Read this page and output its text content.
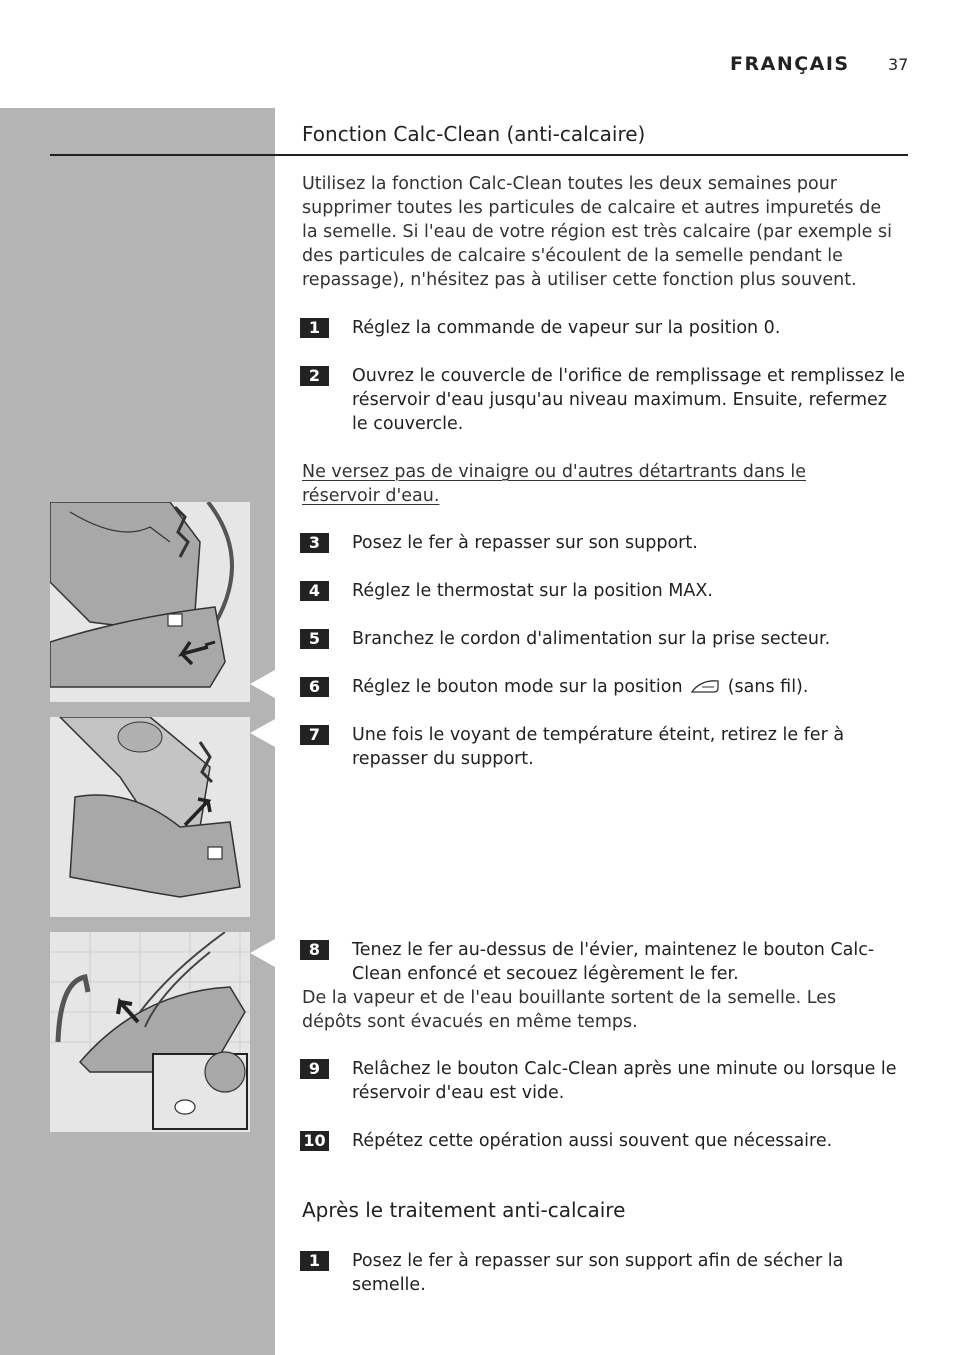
FRANÇAIS 37
Fonction Calc-Clean (anti-calcaire)

Utilisez la fonction Calc-Clean toutes les deux semaines pour supprimer toutes les particules de calcaire et autres impuretés de la semelle. Si l'eau de votre région est très calcaire (par exemple si des particules de calcaire s'écoulent de la semelle pendant le repassage), n'hésitez pas à utiliser cette fonction plus souvent.

1	Réglez la commande de vapeur sur la position 0.
2	Ouvrez le couvercle de l'orifice de remplissage et remplissez le réservoir d'eau jusqu'au niveau maximum. Ensuite, refermez le couvercle.

Ne versez pas de vinaigre ou d'autres détartrants dans le réservoir d'eau.

3	Posez le fer à repasser sur son support.
4	Réglez le thermostat sur la position MAX.
5	Branchez le cordon d'alimentation sur la prise secteur.
6	Réglez le bouton mode sur la position	(sans fil).
7	Une fois le voyant de température éteint, retirez le fer à repasser du support.
8	Tenez le fer au-dessus de l'évier, maintenez le bouton Calc-Clean enfoncé et secouez légèrement le fer.

De la vapeur et de l'eau bouillante sortent de la semelle. Les dépôts sont évacués en même temps.

9	Relâchez le bouton Calc-Clean après une minute ou lorsque le réservoir d'eau est vide.
10 Répétez cette opération aussi souvent que nécessaire.
Après le traitement anti-calcaire
1	Posez le fer à repasser sur son support afin de sécher la semelle.
